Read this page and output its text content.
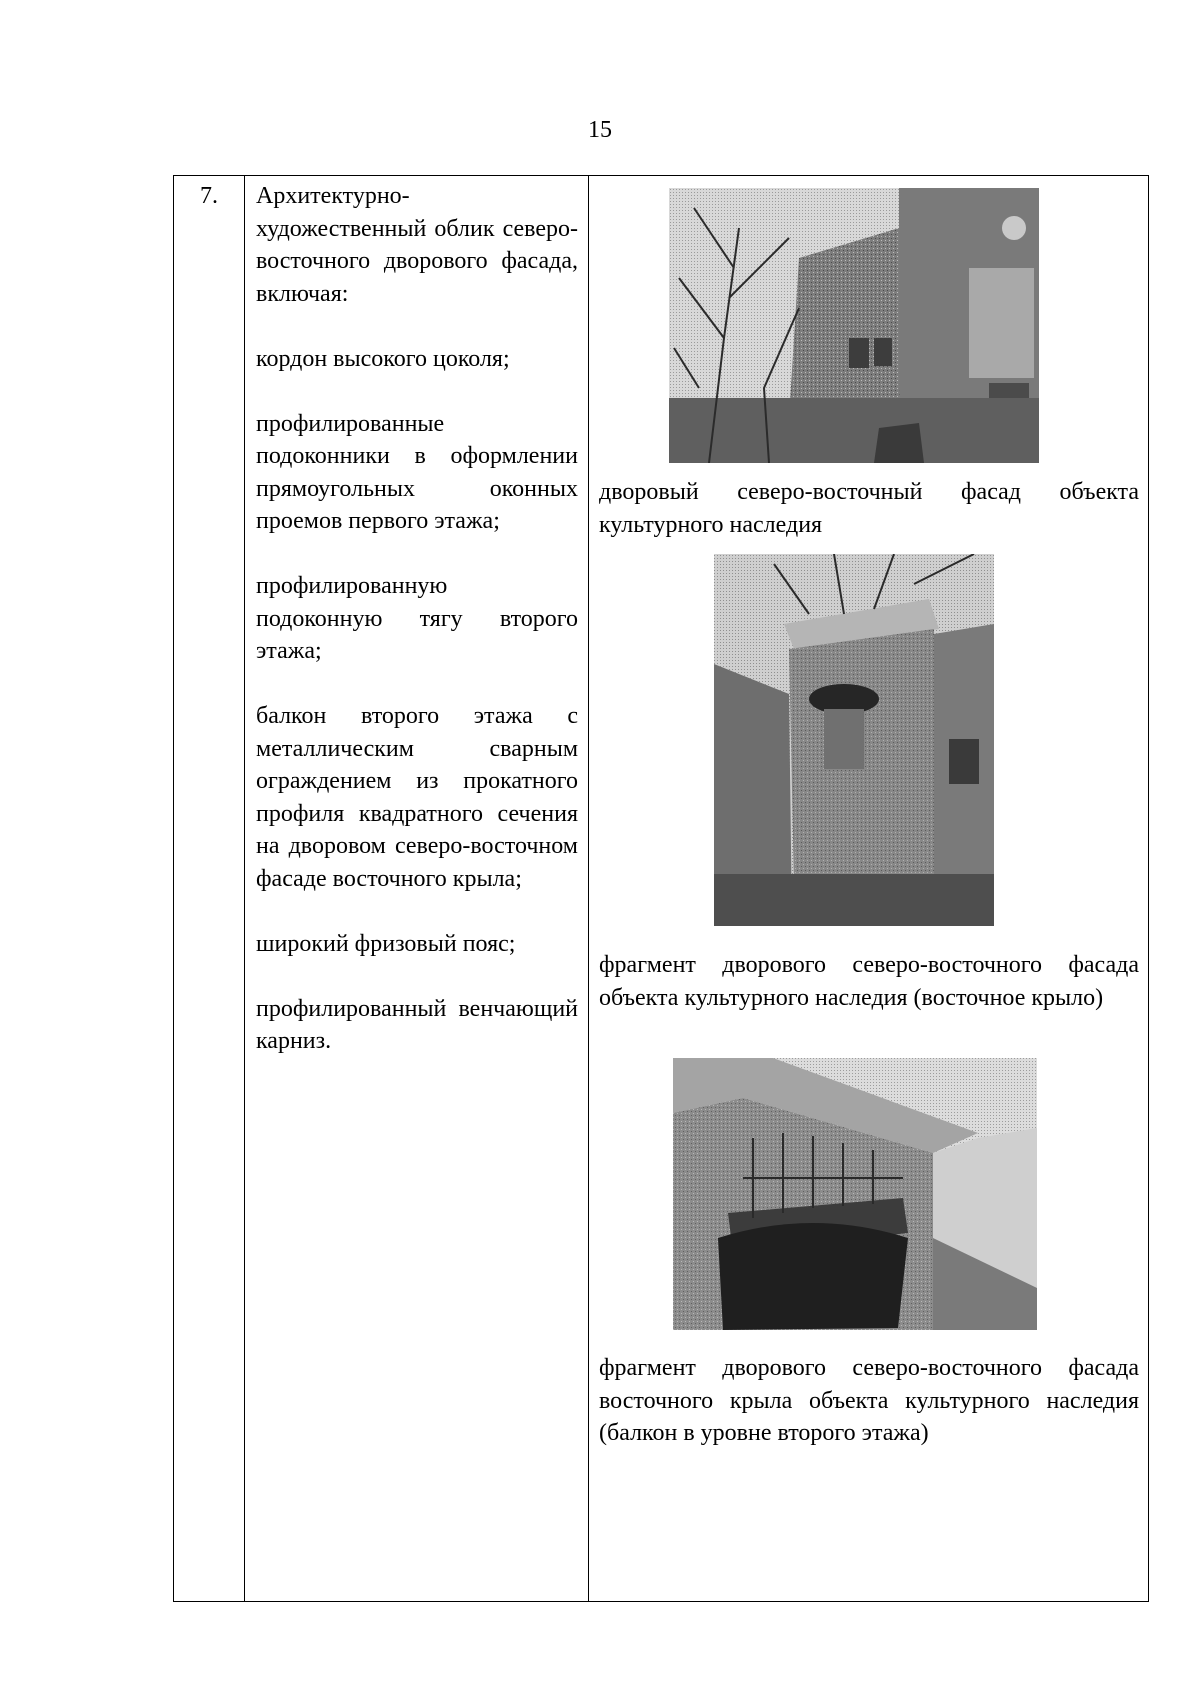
15
7.	Архитектурно-художественный облик северо-восточного дворового фасада, включая:

кордон высокого цоколя;

профилированные подоконники в оформлении прямоугольных оконных проемов первого этажа;

профилированную подоконную тягу второго этажа;

балкон второго этажа с металлическим сварным ограждением из прокатного профиля квадратного сечения на дворовом северо-восточном фасаде восточного крыла;

широкий фризовый пояс;

профилированный венчающий карниз.

дворовый северо-восточный фасад объекта культурного наследия
фрагмент дворового северо-восточного фасада объекта культурного наследия (восточное крыло)
фрагмент дворового северо-восточного фасада восточного крыла объекта культурного наследия (балкон в уровне второго этажа)
